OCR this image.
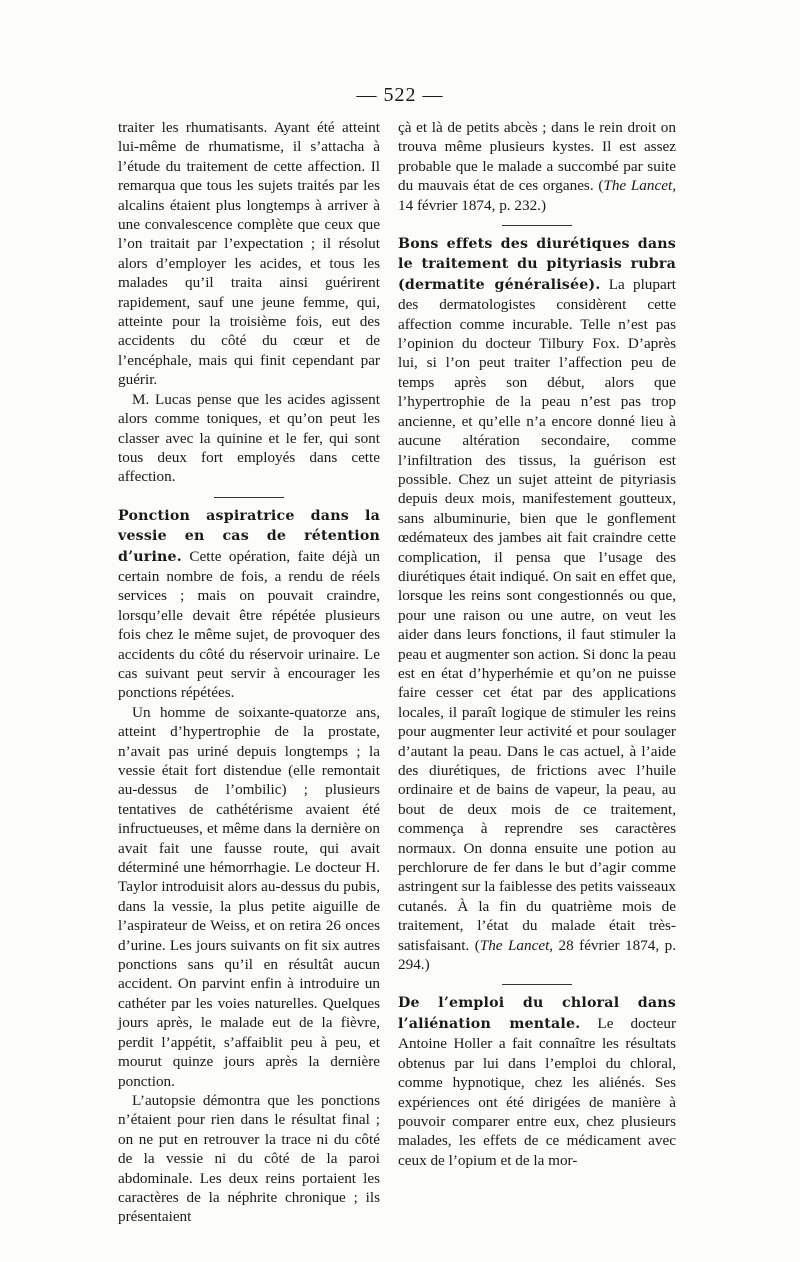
— 522 —

traiter les rhumatisants. Ayant été atteint lui-même de rhumatisme, il s’attacha à l’étude du traitement de cette affection. Il remarqua que tous les sujets traités par les alcalins étaient plus longtemps à arriver à une convalescence complète que ceux que l’on traitait par l’expectation ; il résolut alors d’employer les acides, et tous les malades qu’il traita ainsi guérirent rapidement, sauf une jeune femme, qui, atteinte pour la troisième fois, eut des accidents du côté du cœur et de l’encéphale, mais qui finit cependant par guérir.

M. Lucas pense que les acides agissent alors comme toniques, et qu’on peut les classer avec la quinine et le fer, qui sont tous deux fort employés dans cette affection.

Ponction aspiratrice dans la vessie en cas de rétention d’urine. Cette opération, faite déjà un certain nombre de fois, a rendu de réels services ; mais on pouvait craindre, lorsqu’elle devait être répétée plusieurs fois chez le même sujet, de provoquer des accidents du côté du réservoir urinaire. Le cas suivant peut servir à encourager les ponctions répétées.

Un homme de soixante-quatorze ans, atteint d’hypertrophie de la prostate, n’avait pas uriné depuis longtemps ; la vessie était fort distendue (elle remontait au-dessus de l’ombilic) ; plusieurs tentatives de cathétérisme avaient été infructueuses, et même dans la dernière on avait fait une fausse route, qui avait déterminé une hémorrhagie. Le docteur H. Taylor introduisit alors au-dessus du pubis, dans la vessie, la plus petite aiguille de l’aspirateur de Weiss, et on retira 26 onces d’urine. Les jours suivants on fit six autres ponctions sans qu’il en résultât aucun accident. On parvint enfin à introduire un cathéter par les voies naturelles. Quelques jours après, le malade eut de la fièvre, perdit l’appétit, s’affaiblit peu à peu, et mourut quinze jours après la dernière ponction.

L’autopsie démontra que les ponctions n’étaient pour rien dans le résultat final ; on ne put en retrouver la trace ni du côté de la vessie ni du côté de la paroi abdominale. Les deux reins portaient les caractères de la néphrite chronique ; ils présentaient

çà et là de petits abcès ; dans le rein droit on trouva même plusieurs kystes. Il est assez probable que le malade a succombé par suite du mauvais état de ces organes. (The Lancet, 14 février 1874, p. 232.)

Bons effets des diurétiques dans le traitement du pityriasis rubra (dermatite généralisée). La plupart des dermatologistes considèrent cette affection comme incurable. Telle n’est pas l’opinion du docteur Tilbury Fox. D’après lui, si l’on peut traiter l’affection peu de temps après son début, alors que l’hypertrophie de la peau n’est pas trop ancienne, et qu’elle n’a encore donné lieu à aucune altération secondaire, comme l’infiltration des tissus, la guérison est possible. Chez un sujet atteint de pityriasis depuis deux mois, manifestement goutteux, sans albuminurie, bien que le gonflement œdémateux des jambes ait fait craindre cette complication, il pensa que l’usage des diurétiques était indiqué. On sait en effet que, lorsque les reins sont congestionnés ou que, pour une raison ou une autre, on veut les aider dans leurs fonctions, il faut stimuler la peau et augmenter son action. Si donc la peau est en état d’hyperhémie et qu’on ne puisse faire cesser cet état par des applications locales, il paraît logique de stimuler les reins pour augmenter leur activité et pour soulager d’autant la peau. Dans le cas actuel, à l’aide des diurétiques, de frictions avec l’huile ordinaire et de bains de vapeur, la peau, au bout de deux mois de ce traitement, commença à reprendre ses caractères normaux. On donna ensuite une potion au perchlorure de fer dans le but d’agir comme astringent sur la faiblesse des petits vaisseaux cutanés. À la fin du quatrième mois de traitement, l’état du malade était très-satisfaisant. (The Lancet, 28 février 1874, p. 294.)

De l’emploi du chloral dans l’aliénation mentale. Le docteur Antoine Holler a fait connaître les résultats obtenus par lui dans l’emploi du chloral, comme hypnotique, chez les aliénés. Ses expériences ont été dirigées de manière à pouvoir comparer entre eux, chez plusieurs malades, les effets de ce médicament avec ceux de l’opium et de la mor-
